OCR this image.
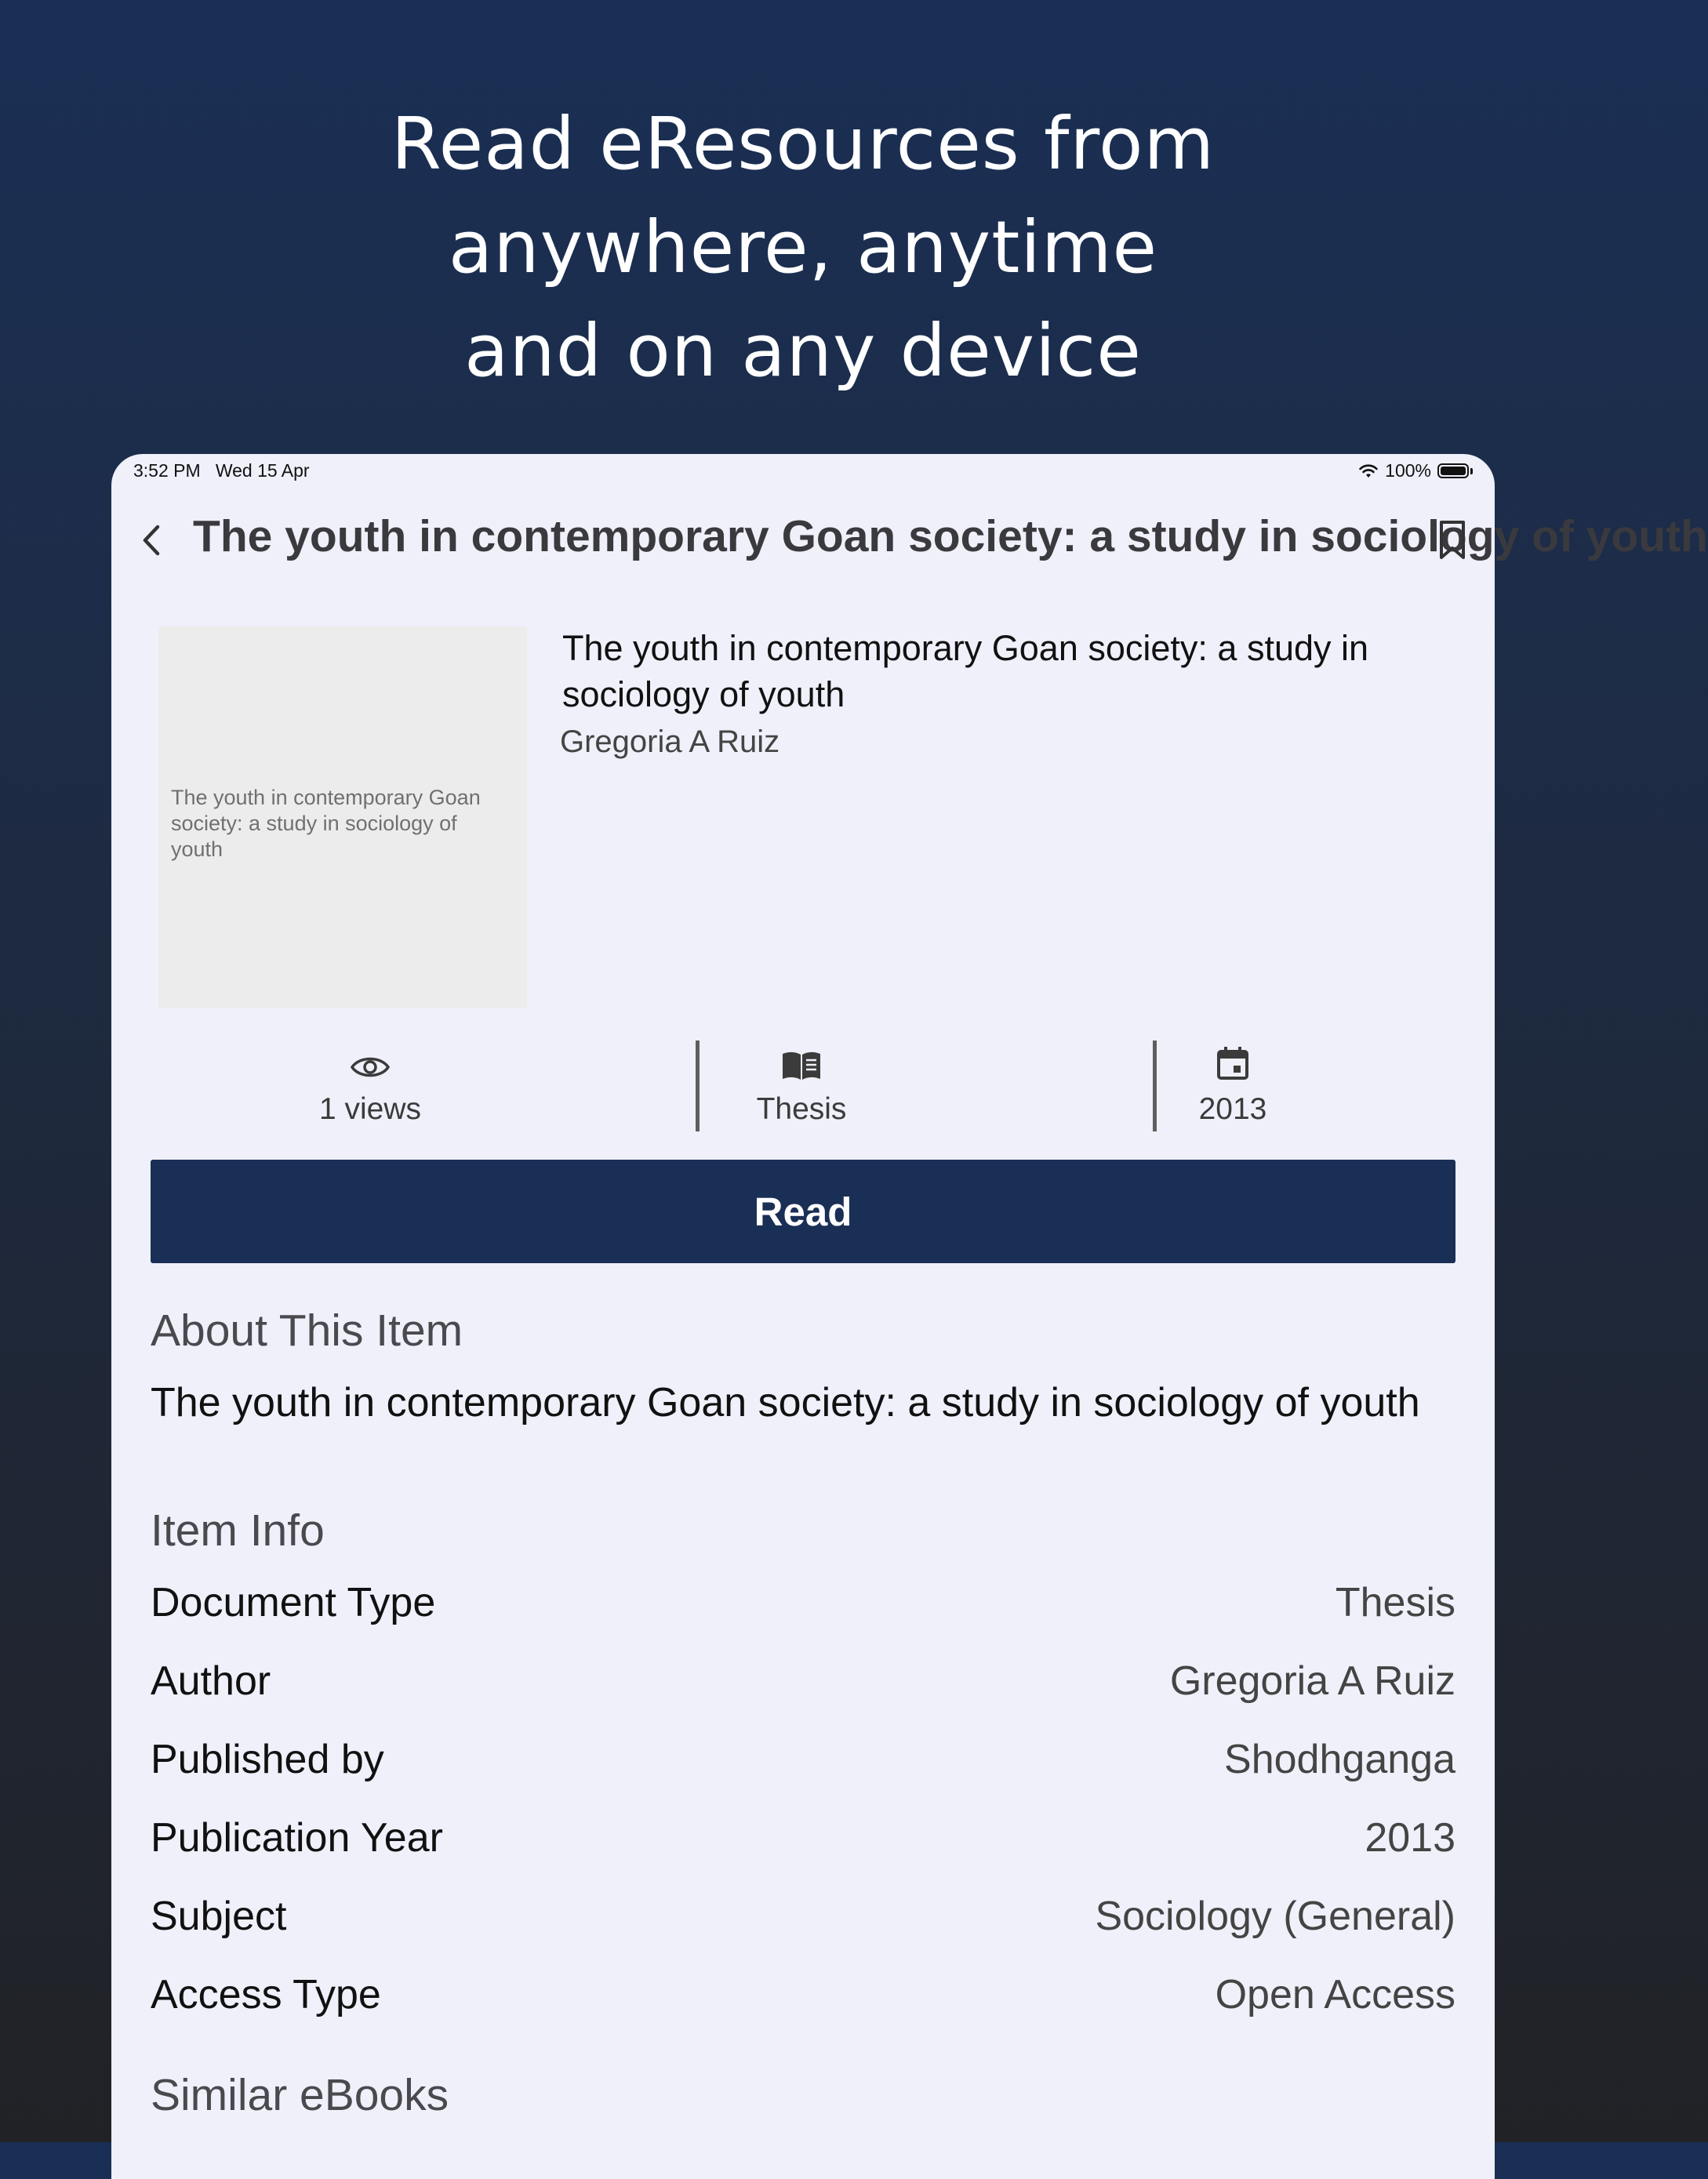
Read eResources from
anywhere, anytime
and on any device
3:52 PM Wed 15 Apr	100%
The youth in contemporary Goan society: a study in sociology of youth
The youth in contemporary Goan society: a study in sociology of youth
The youth in contemporary Goan society: a study in sociology of youth
Gregoria A Ruiz
1 views	Thesis	2013
Read
About This Item
The youth in contemporary Goan society: a study in sociology of youth
Item Info
Document Type	Thesis
Author	Gregoria A Ruiz
Published by	Shodhganga
Publication Year	2013
Subject	Sociology (General)
Access Type	Open Access
Similar eBooks
